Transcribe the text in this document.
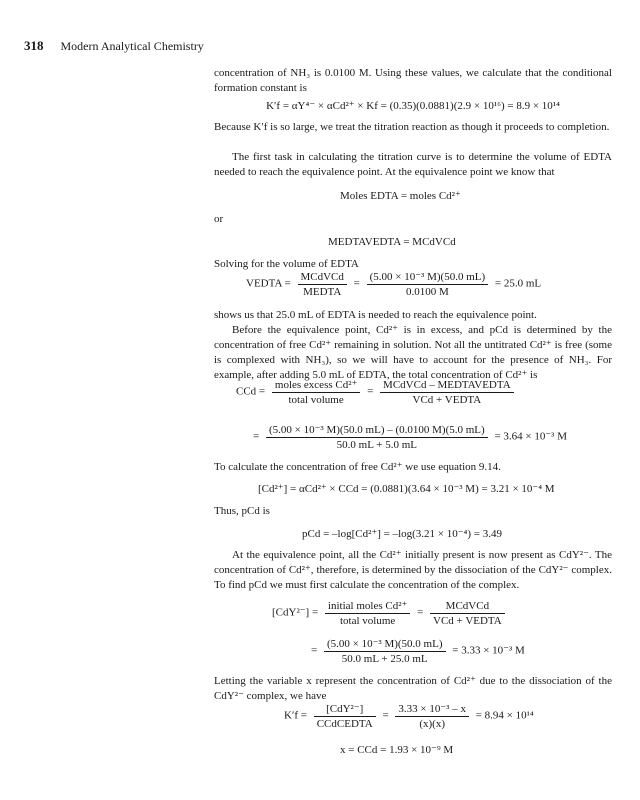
318 Modern Analytical Chemistry
concentration of NH₃ is 0.0100 M. Using these values, we calculate that the conditional formation constant is
K′f = αY⁴⁻ × αCd²⁺ × Kf = (0.35)(0.0881)(2.9 × 10¹⁶) = 8.9 × 10¹⁴
Because K′f is so large, we treat the titration reaction as though it proceeds to completion.
The first task in calculating the titration curve is to determine the volume of EDTA needed to reach the equivalence point. At the equivalence point we know that
Moles EDTA = moles Cd²⁺
or
MEDTAVEDTA = MCdVCd
Solving for the volume of EDTA
VEDTA = $\frac{\text{MCdVCd}}{\text{MEDTA}} = \frac{\text{(5.00 × 10⁻³ M)(50.0 mL)}}{0.0100 M} = 25.0$ mL
shows us that 25.0 mL of EDTA is needed to reach the equivalence point.
Before the equivalence point, Cd²⁺ is in excess, and pCd is determined by the concentration of free Cd²⁺ remaining in solution. Not all the untitrated Cd²⁺ is free (some is complexed with NH₃), so we will have to account for the presence of NH₃. For example, after adding 5.0 mL of EDTA, the total concentration of Cd²⁺ is
CCd = $\frac{\text{moles excess Cd²⁺}}{\text{total volume}} = \frac{\text{MCdVCd – MEDTAVEDTA}}{\text{VCd + VEDTA}}$
= $\frac{\text{(5.00 × 10⁻³ M)(50.0 mL) – (0.0100 M)(5.0 mL)}}{50.0 mL + 5.0 mL} = 3.64 \times 10^{-3}$ M
To calculate the concentration of free Cd²⁺ we use equation 9.14.
[Cd²⁺] = αCd²⁺ × CCd = (0.0881)(3.64 × 10⁻³ M) = 3.21 × 10⁻⁴ M
Thus, pCd is
pCd = –log[Cd²⁺] = –log(3.21 × 10⁻⁴) = 3.49
At the equivalence point, all the Cd²⁺ initially present is now present as CdY²⁻. The concentration of Cd²⁺, therefore, is determined by the dissociation of the CdY²⁻ complex. To find pCd we must first calculate the concentration of the complex.
$[CdY^{2-}] = \frac{\text{initial moles Cd²⁺}}{\text{total volume}} = \frac{\text{MCdVCd}}{\text{VCd + VEDTA}}$
= $\frac{\text{(5.00 × 10⁻³ M)(50.0 mL)}}{50.0 mL + 25.0 mL} = 3.33 \times 10^{-3}$ M
Letting the variable x represent the concentration of Cd²⁺ due to the dissociation of the CdY²⁻ complex, we have
$K'f = \frac{\text{[CdY²⁻]}}{\text{CCdCEDTA}} = \frac{\text{3.33 × 10⁻³ – x}}{(x)(x)} = 8.94 \times 10^{14}$
x = CCd = 1.93 × 10⁻⁹ M
